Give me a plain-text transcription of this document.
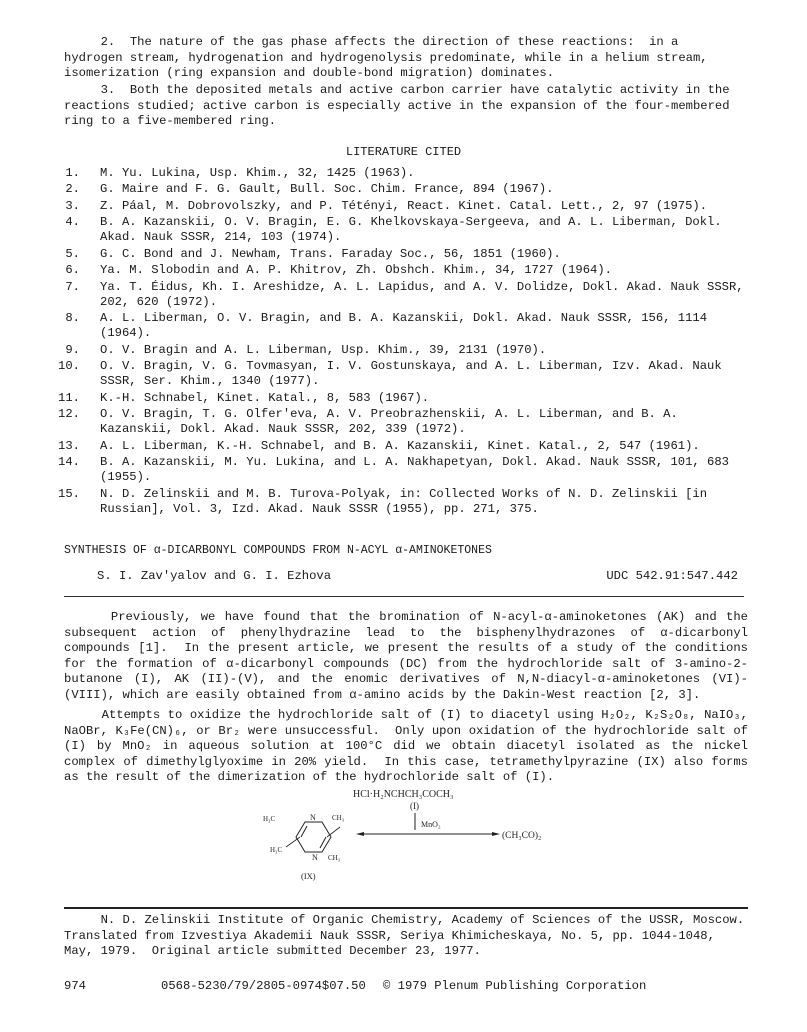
2.  The nature of the gas phase affects the direction of these reactions:  in a hydrogen stream, hydrogenation and hydrogenolysis predominate, while in a helium stream, isomerization (ring expansion and double-bond migration) dominates.

3.  Both the deposited metals and active carbon carrier have catalytic activity in the reactions studied; active carbon is especially active in the expansion of the four-membered ring to a five-membered ring.

LITERATURE CITED

1 .	M. Yu. Lukina, Usp. Khim., 32, 1425 (1963).
2 .	G. Maire and F. G. Gault, Bull. Soc. Chim. France, 894 (1967).
3 .	Z. Páal, M. Dobrovolszky, and P. Tétényi, React. Kinet. Catal. Lett., 2, 97 (1975).
4 .	B. A. Kazanskii, O. V. Bragin, E. G. Khelkovskaya-Sergeeva, and A. L. Liberman, Dokl. Akad. Nauk SSSR, 214, 103 (1974).
5 .	G. C. Bond and J. Newham, Trans. Faraday Soc., 56, 1851 (1960).
6 .	Ya. M. Slobodin and A. P. Khitrov, Zh. Obshch. Khim., 34, 1727 (1964).
7 .	Ya. T. Éidus, Kh. I. Areshidze, A. L. Lapidus, and A. V. Dolidze, Dokl. Akad. Nauk SSSR, 202, 620 (1972).
8 .	A. L. Liberman, O. V. Bragin, and B. A. Kazanskii, Dokl. Akad. Nauk SSSR, 156, 1114 (1964).
9 .	O. V. Bragin and A. L. Liberman, Usp. Khim., 39, 2131 (1970).
10 .	O. V. Bragin, V. G. Tovmasyan, I. V. Gostunskaya, and A. L. Liberman, Izv. Akad. Nauk SSSR, Ser. Khim., 1340 (1977).
11 .	K.-H. Schnabel, Kinet. Katal., 8, 583 (1967).
12 .	O. V. Bragin, T. G. Olfer'eva, A. V. Preobrazhenskii, A. L. Liberman, and B. A. Kazanskii, Dokl. Akad. Nauk SSSR, 202, 339 (1972).
13 .	A. L. Liberman, K.-H. Schnabel, and B. A. Kazanskii, Kinet. Katal., 2, 547 (1961).
14 .	B. A. Kazanskii, M. Yu. Lukina, and L. A. Nakhapetyan, Dokl. Akad. Nauk SSSR, 101, 683 (1955).
15 .	N. D. Zelinskii and M. B. Turova-Polyak, in: Collected Works of N. D. Zelinskii [in Russian], Vol. 3, Izd. Akad. Nauk SSSR (1955), pp. 271, 375.

SYNTHESIS OF α-DICARBONYL COMPOUNDS FROM N-ACYL α-AMINOKETONES

S. I. Zav'yalov and G. I. Ezhova	UDC 542.91:547.442

Previously, we have found that the bromination of N-acyl-α-aminoketones (AK) and the subsequent action of phenylhydrazine lead to the bisphenylhydrazones of α-dicarbonyl compounds [1].  In the present article, we present the results of a study of the conditions for the formation of α-dicarbonyl compounds (DC) from the hydrochloride salt of 3-amino-2-butanone (I), AK (II)-(V), and the enomic derivatives of N,N-diacyl-α-aminoketones (VI)-(VIII), which are easily obtained from α-amino acids by the Dakin-West reaction [2, 3].

Attempts to oxidize the hydrochloride salt of (I) to diacetyl using H₂O₂, K₂S₂O₈, NaIO₃, NaOBr, K₃Fe(CN)₆, or Br₂ were unsuccessful.  Only upon oxidation of the hydrochloride salt of (I) by MnO₂ in aqueous solution at 100°C did we obtain diacetyl isolated as the nickel complex of dimethylglyoxime in 20% yield.  In this case, tetramethylpyrazine (IX) also forms as the result of the dimerization of the hydrochloride salt of (I).

HCl·H₂NCHCH₃COCH₃
(I)
MnO₂
(CH₃CO)₂
N
N
H₃C	CH₃
H₃C
CH₃
(IX)

N. D. Zelinskii Institute of Organic Chemistry, Academy of Sciences of the USSR, Moscow. Translated from Izvestiya Akademii Nauk SSSR, Seriya Khimicheskaya, No. 5, pp. 1044-1048, May, 1979.  Original article submitted December 23, 1977.

974	0568-5230/79/2805-0974$07.50 © 1979 Plenum Publishing Corporation
